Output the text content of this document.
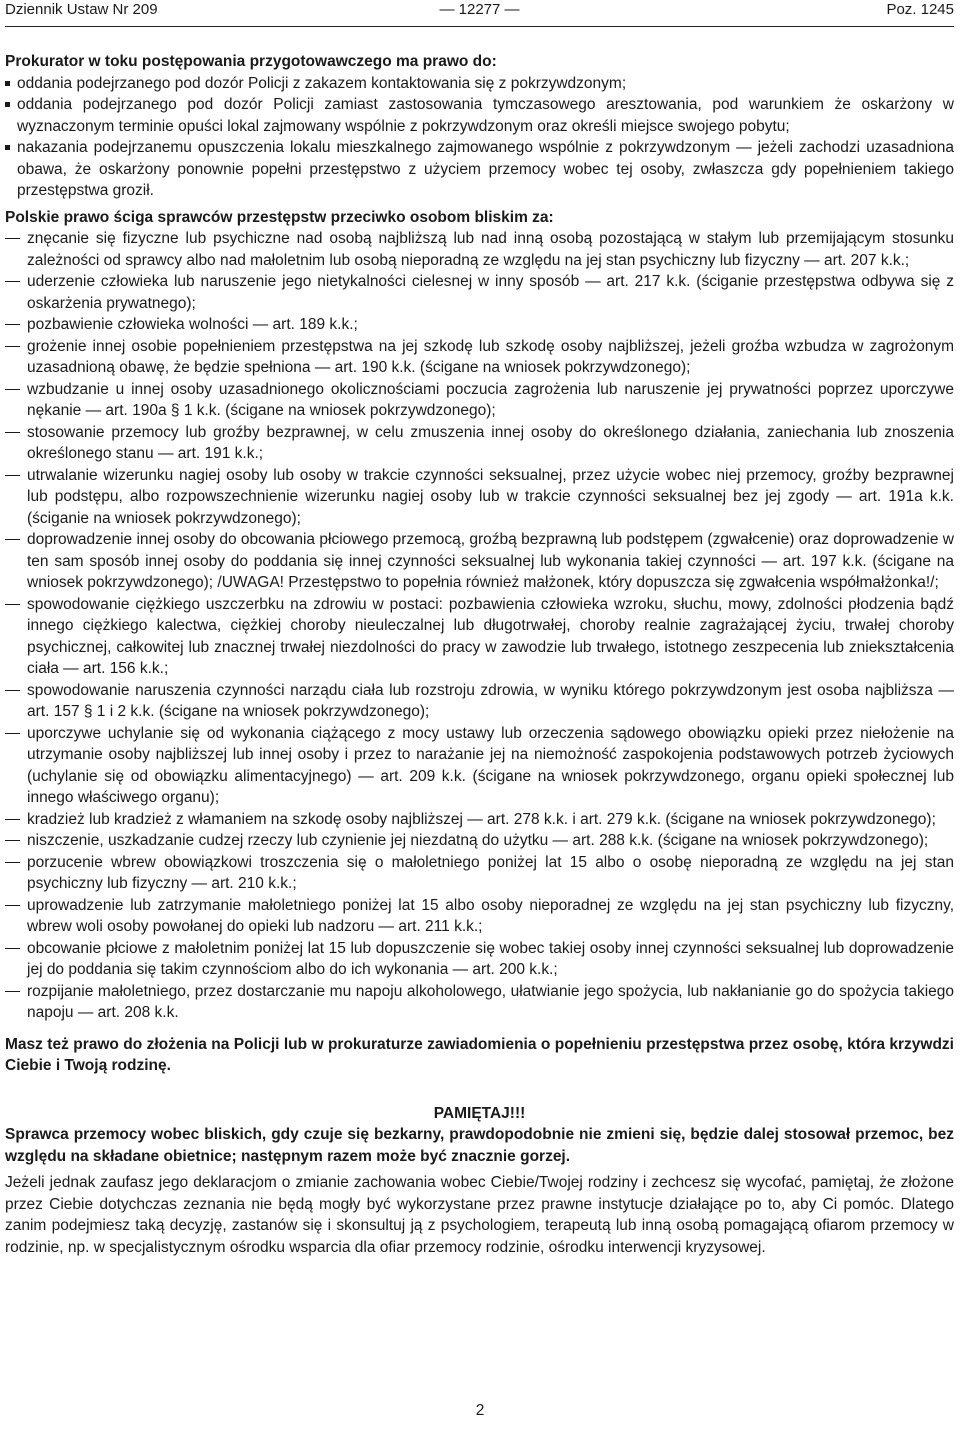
Dziennik Ustaw Nr 209	— 12277 —	Poz. 1245

Prokurator w toku postępowania przygotowawczego ma prawo do:

oddania podejrzanego pod dozór Policji z zakazem kontaktowania się z pokrzywdzonym;
oddania podejrzanego pod dozór Policji zamiast zastosowania tymczasowego aresztowania, pod warunkiem że oskarżony w wyznaczonym terminie opuści lokal zajmowany wspólnie z pokrzywdzonym oraz określi miejsce swojego pobytu;
nakazania podejrzanemu opuszczenia lokalu mieszkalnego zajmowanego wspólnie z pokrzywdzonym — jeżeli zachodzi uzasadniona obawa, że oskarżony ponownie popełni przestępstwo z użyciem przemocy wobec tej osoby, zwłaszcza gdy popełnieniem takiego przestępstwa groził.

Polskie prawo ściga sprawców przestępstw przeciwko osobom bliskim za:

znęcanie się fizyczne lub psychiczne nad osobą najbliższą lub nad inną osobą pozostającą w stałym lub przemijającym stosunku zależności od sprawcy albo nad małoletnim lub osobą nieporadną ze względu na jej stan psychiczny lub fizyczny — art. 207 k.k.;
uderzenie człowieka lub naruszenie jego nietykalności cielesnej w inny sposób — art. 217 k.k. (ściganie przestępstwa odbywa się z oskarżenia prywatnego);
pozbawienie człowieka wolności — art. 189 k.k.;
grożenie innej osobie popełnieniem przestępstwa na jej szkodę lub szkodę osoby najbliższej, jeżeli groźba wzbudza w zagrożonym uzasadnioną obawę, że będzie spełniona — art. 190 k.k. (ścigane na wniosek pokrzywdzonego);
wzbudzanie u innej osoby uzasadnionego okolicznościami poczucia zagrożenia lub naruszenie jej prywatności poprzez uporczywe nękanie — art. 190a § 1 k.k. (ścigane na wniosek pokrzywdzonego);
stosowanie przemocy lub groźby bezprawnej, w celu zmuszenia innej osoby do określonego działania, zaniechania lub znoszenia określonego stanu — art. 191 k.k.;
utrwalanie wizerunku nagiej osoby lub osoby w trakcie czynności seksualnej, przez użycie wobec niej przemocy, groźby bezprawnej lub podstępu, albo rozpowszechnienie wizerunku nagiej osoby lub w trakcie czynności seksualnej bez jej zgody — art. 191a k.k. (ściganie na wniosek pokrzywdzonego);
doprowadzenie innej osoby do obcowania płciowego przemocą, groźbą bezprawną lub podstępem (zgwałcenie) oraz doprowadzenie w ten sam sposób innej osoby do poddania się innej czynności seksualnej lub wykonania takiej czynności — art. 197 k.k. (ścigane na wniosek pokrzywdzonego); /UWAGA! Przestępstwo to popełnia również małżonek, który dopuszcza się zgwałcenia współmałżonka!/;
spowodowanie ciężkiego uszczerbku na zdrowiu w postaci: pozbawienia człowieka wzroku, słuchu, mowy, zdolności płodzenia bądź innego ciężkiego kalectwa, ciężkiej choroby nieuleczalnej lub długotrwałej, choroby realnie zagrażającej życiu, trwałej choroby psychicznej, całkowitej lub znacznej trwałej niezdolności do pracy w zawodzie lub trwałego, istotnego zeszpecenia lub zniekształcenia ciała — art. 156 k.k.;
spowodowanie naruszenia czynności narządu ciała lub rozstroju zdrowia, w wyniku którego pokrzywdzonym jest osoba najbliższa — art. 157 § 1 i 2 k.k. (ścigane na wniosek pokrzywdzonego);
uporczywe uchylanie się od wykonania ciążącego z mocy ustawy lub orzeczenia sądowego obowiązku opieki przez niełożenie na utrzymanie osoby najbliższej lub innej osoby i przez to narażanie jej na niemożność zaspokojenia podstawowych potrzeb życiowych (uchylanie się od obowiązku alimentacyjnego) — art. 209 k.k. (ścigane na wniosek pokrzywdzonego, organu opieki społecznej lub innego właściwego organu);
kradzież lub kradzież z włamaniem na szkodę osoby najbliższej — art. 278 k.k. i art. 279 k.k. (ścigane na wniosek pokrzywdzonego);
niszczenie, uszkadzanie cudzej rzeczy lub czynienie jej niezdatną do użytku — art. 288 k.k. (ścigane na wniosek pokrzywdzonego);
porzucenie wbrew obowiązkowi troszczenia się o małoletniego poniżej lat 15 albo o osobę nieporadną ze względu na jej stan psychiczny lub fizyczny — art. 210 k.k.;
uprowadzenie lub zatrzymanie małoletniego poniżej lat 15 albo osoby nieporadnej ze względu na jej stan psychiczny lub fizyczny, wbrew woli osoby powołanej do opieki lub nadzoru — art. 211 k.k.;
obcowanie płciowe z małoletnim poniżej lat 15 lub dopuszczenie się wobec takiej osoby innej czynności seksualnej lub doprowadzenie jej do poddania się takim czynnościom albo do ich wykonania — art. 200 k.k.;
rozpijanie małoletniego, przez dostarczanie mu napoju alkoholowego, ułatwianie jego spożycia, lub nakłanianie go do spożycia takiego napoju — art. 208 k.k.

Masz też prawo do złożenia na Policji lub w prokuraturze zawiadomienia o popełnieniu przestępstwa przez osobę, która krzywdzi Ciebie i Twoją rodzinę.

PAMIĘTAJ!!!

Sprawca przemocy wobec bliskich, gdy czuje się bezkarny, prawdopodobnie nie zmieni się, będzie dalej stosował przemoc, bez względu na składane obietnice; następnym razem może być znacznie gorzej.

Jeżeli jednak zaufasz jego deklaracjom o zmianie zachowania wobec Ciebie/Twojej rodziny i zechcesz się wycofać, pamiętaj, że złożone przez Ciebie dotychczas zeznania nie będą mogły być wykorzystane przez prawne instytucje działające po to, aby Ci pomóc. Dlatego zanim podejmiesz taką decyzję, zastanów się i skonsultuj ją z psychologiem, terapeutą lub inną osobą pomagającą ofiarom przemocy w rodzinie, np. w specjalistycznym ośrodku wsparcia dla ofiar przemocy rodzinie, ośrodku interwencji kryzysowej.

2
